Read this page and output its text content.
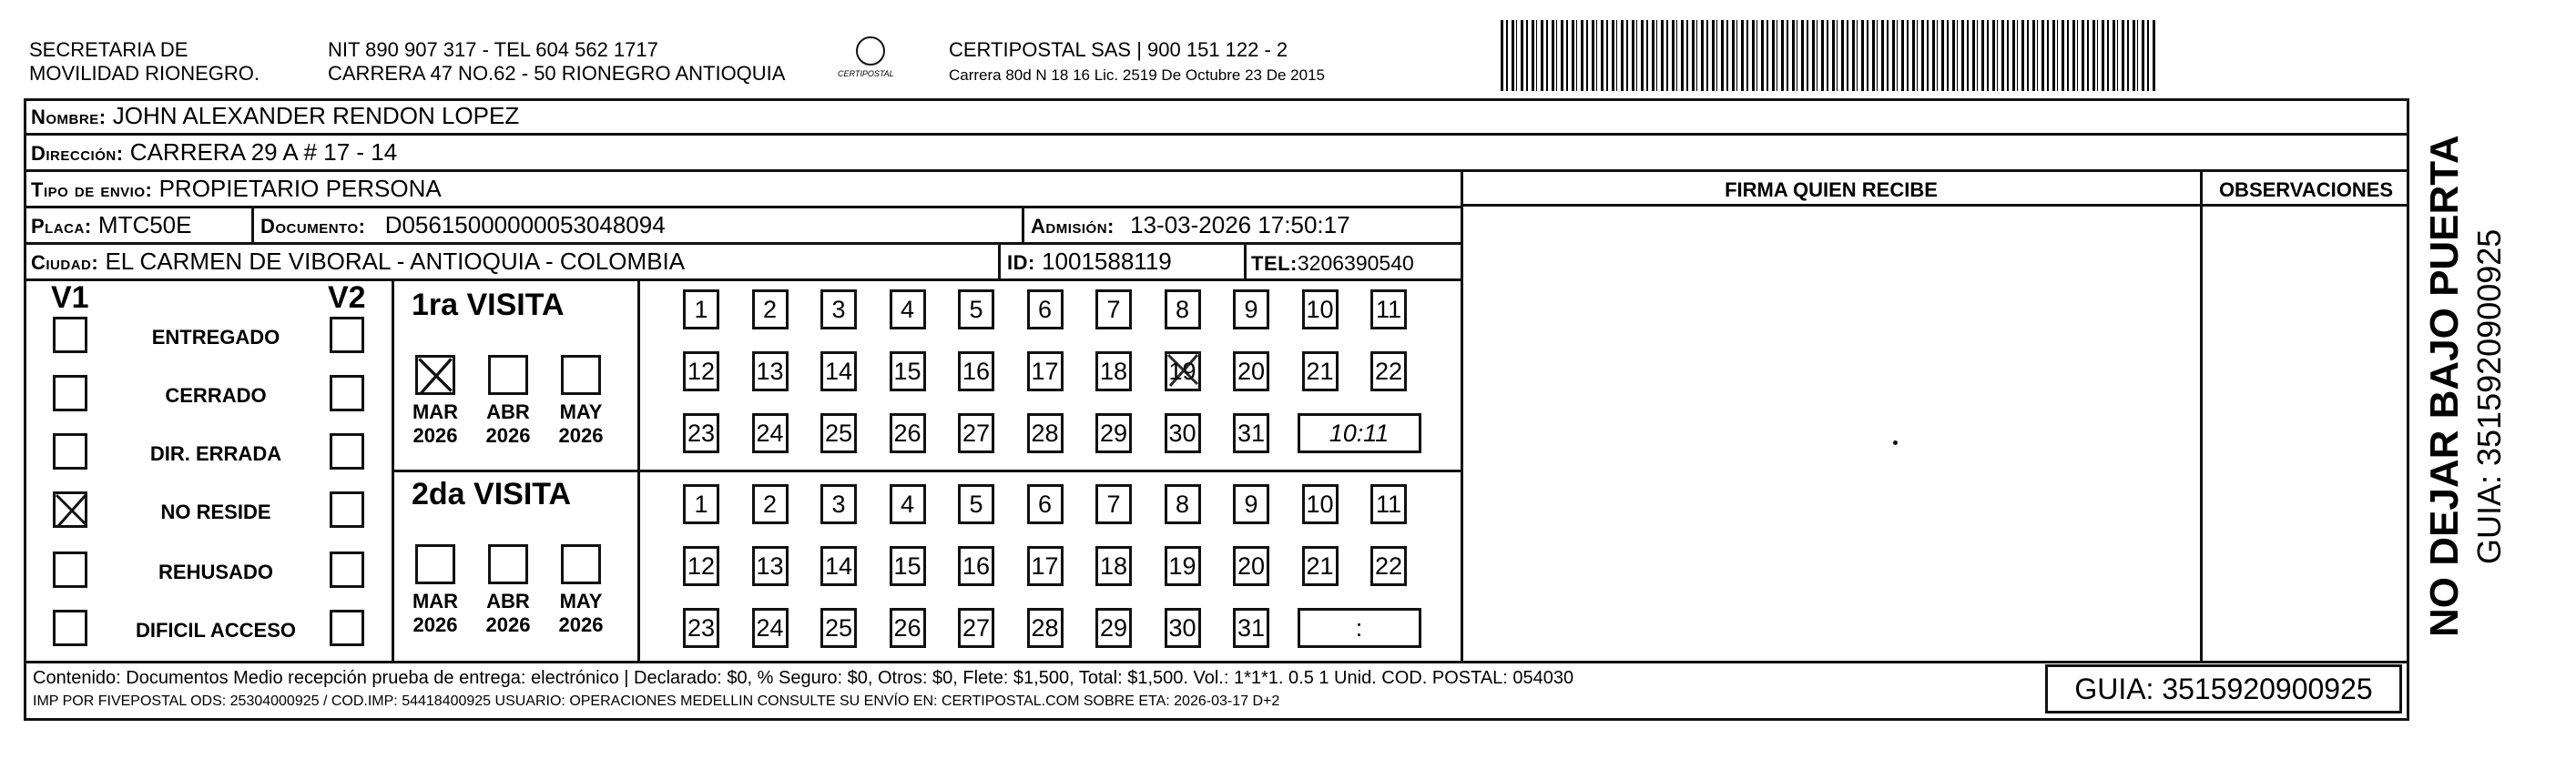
SECRETARIA DE
MOVILIDAD RIONEGRO.
NIT 890 907 317 - TEL 604 562 1717
CARRERA 47 NO.62 - 50 RIONEGRO ANTIOQUIA	CERTIPOSTAL
CERTIPOSTAL SAS | 900 151 122 - 2
Carrera 80d N 18 16 Lic. 2519 De Octubre 23 De 2015
Nombre: JOHN ALEXANDER RENDON LOPEZ
Dirección: CARRERA 29 A # 17 - 14
Tipo de envio: PROPIETARIO PERSONA	FIRMA QUIEN RECIBE	OBSERVACIONES
Placa: MTC50E	Documento: D05615000000053048094	Admisión: 13-03-2026 17:50:17
Ciudad: EL CARMEN DE VIBORAL - ANTIOQUIA - COLOMBIA	ID: 1001588119	TEL:3206390540
V1	V2
ENTREGADO
CERRADO
DIR. ERRADA
NO RESIDE
REHUSADO
DIFICIL ACCESO
1ra VISITA
MAR
2026
ABR
2026
MAY
2026
1	2	3	4	5	6	7	8	9	10 11
12 13 14 15 16 17 18 19 20 21 22
23 24 25 26 27 28 29 30 31	10:11
2da VISITA
MAR
2026
ABR
2026
MAY
2026
1	2	3	4	5	6	7	8	9	10 11
12 13 14 15 16 17 18 19 20 21 22
23 24 25 26 27 28 29 30 31	:
Contenido: Documentos Medio recepción prueba de entrega: electrónico | Declarado: $0, % Seguro: $0, Otros: $0, Flete: $1,500, Total: $1,500. Vol.: 1*1*1. 0.5 1 Unid. COD. POSTAL: 054030
IMP POR FIVEPOSTAL ODS: 25304000925 / COD.IMP: 54418400925 USUARIO: OPERACIONES MEDELLIN CONSULTE SU ENVÍO EN: CERTIPOSTAL.COM SOBRE ETA: 2026-03-17 D+2	GUIA: 3515920900925
NO DEJAR BAJO PUERTA GUIA: 3515920900925
